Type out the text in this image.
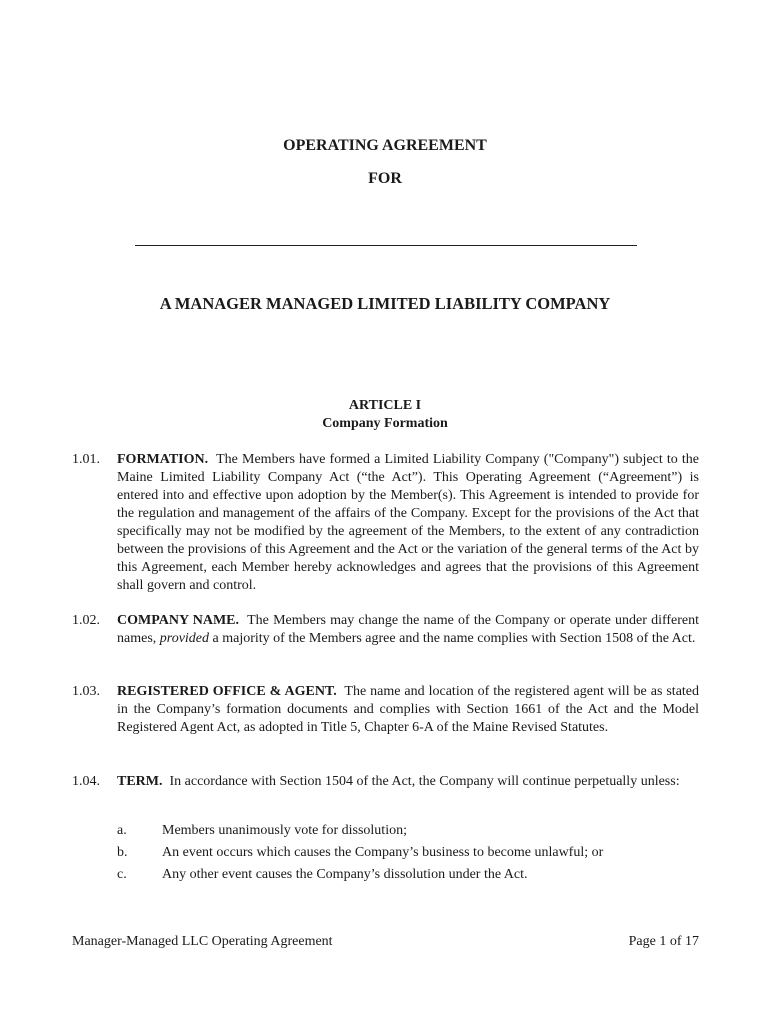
OPERATING AGREEMENT
FOR
A MANAGER MANAGED LIMITED LIABILITY COMPANY
ARTICLE I
Company Formation
1.01. FORMATION. The Members have formed a Limited Liability Company ("Company") subject to the Maine Limited Liability Company Act (“the Act”). This Operating Agreement (“Agreement”) is entered into and effective upon adoption by the Member(s). This Agreement is intended to provide for the regulation and management of the affairs of the Company. Except for the provisions of the Act that specifically may not be modified by the agreement of the Members, to the extent of any contradiction between the provisions of this Agreement and the Act or the variation of the general terms of the Act by this Agreement, each Member hereby acknowledges and agrees that the provisions of this Agreement shall govern and control.
1.02. COMPANY NAME. The Members may change the name of the Company or operate under different names, provided a majority of the Members agree and the name complies with Section 1508 of the Act.
1.03. REGISTERED OFFICE & AGENT. The name and location of the registered agent will be as stated in the Company’s formation documents and complies with Section 1661 of the Act and the Model Registered Agent Act, as adopted in Title 5, Chapter 6-A of the Maine Revised Statutes.
1.04. TERM. In accordance with Section 1504 of the Act, the Company will continue perpetually unless:
a.	Members unanimously vote for dissolution;
b. An event occurs which causes the Company’s business to become unlawful; or
c.	Any other event causes the Company’s dissolution under the Act.
Manager-Managed LLC Operating Agreement	Page 1 of 17
